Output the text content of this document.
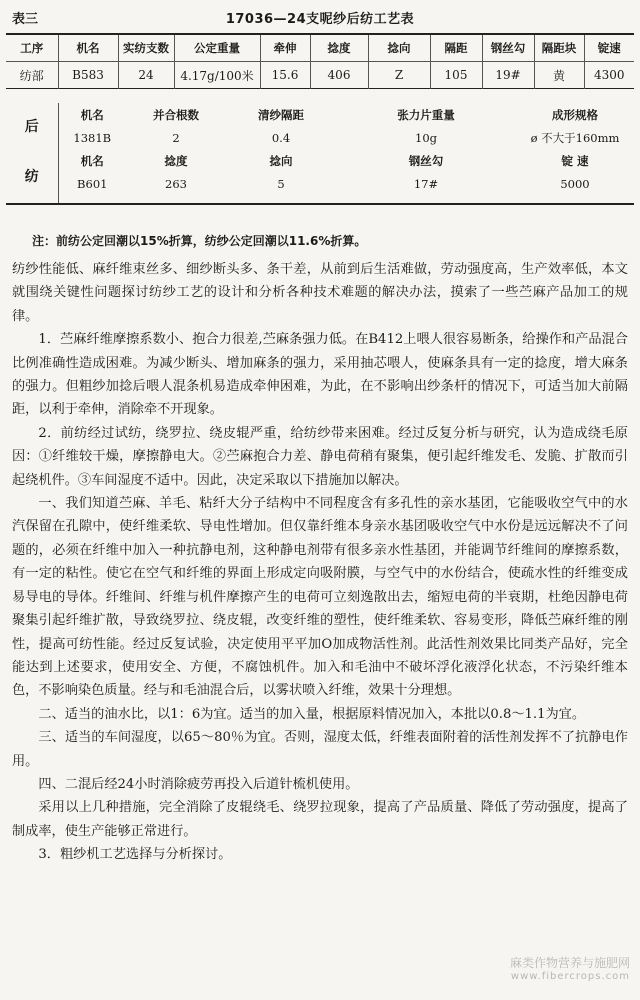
表三	17036—24支呢纱后纺工艺表
工序	机名	实纺支数	公定重量	牵伸	捻度	捻向	隔距	钢丝勾	隔距块	锭速
纺部	B583	24	4.17g/100米	15.6	406	Z	105	19#	黄	4300
后	机名	并合根数	清纱隔距	张力片重量	成形规格
	1381B	2	0.4	10g	ø 不大于160mm
纺	机名	捻度	捻向	钢丝勾	锭 速
	B601	263	5	17#	5000

注：前纺公定回潮以15%折算，纺纱公定回潮以11.6%折算。

纺纱性能低、麻纤维束丝多、细纱断头多、条干差，从前到后生活难做，劳动强度高，生产效率低，本文就围绕关键性问题探讨纺纱工艺的设计和分析各种技术难题的解决办法，摸索了一些苎麻产品加工的规律。

1．苎麻纤维摩擦系数小、抱合力很差,苎麻条强力低。在B412上喂人很容易断条，给操作和产品混合比例准确性造成困难。为减少断头、增加麻条的强力，采用抽芯喂人，使麻条具有一定的捻度，增大麻条的强力。但粗纱加捻后喂人混条机易造成牵伸困难，为此，在不影响出纱条杆的情况下，可适当加大前隔距，以利于牵伸，消除牵不开现象。

2．前纺经过试纺，绕罗拉、绕皮辊严重，给纺纱带来困难。经过反复分析与研究，认为造成绕毛原因：①纤维较干燥，摩擦静电大。②苎麻抱合力差、静电荷稍有聚集，便引起纤维发毛、发脆、扩散而引起绕机件。③车间湿度不适中。因此，决定采取以下措施加以解决。

一、我们知道苎麻、羊毛、粘纤大分子结构中不同程度含有多孔性的亲水基团，它能吸收空气中的水汽保留在孔隙中，使纤维柔软、导电性增加。但仅靠纤维本身亲水基团吸收空气中水份是远远解决不了问题的，必须在纤维中加入一种抗静电剂，这种静电剂带有很多亲水性基团，并能调节纤维间的摩擦系数，有一定的粘性。使它在空气和纤维的界面上形成定向吸附膜，与空气中的水份结合，使疏水性的纤维变成易导电的导体。纤维间、纤维与机件摩擦产生的电荷可立刻逸散出去，缩短电荷的半衰期，杜绝因静电荷聚集引起纤维扩散，导致绕罗拉、绕皮辊，改变纤维的塑性，使纤维柔软、容易变形，降低苎麻纤维的刚性，提高可纺性能。经过反复试验，决定使用平平加O加成物活性剂。此活性剂效果比同类产品好，完全能达到上述要求，使用安全、方便，不腐蚀机件。加入和毛油中不破坏浮化液浮化状态，不污染纤维本色，不影响染色质量。经与和毛油混合后，以雾状喷入纤维，效果十分理想。

二、适当的油水比，以1：6为宜。适当的加入量，根据原料情况加入，本批以0.8～1.1为宜。

三、适当的车间湿度，以65～80％为宜。否则，湿度太低，纤维表面附着的活性剂发挥不了抗静电作用。

四、二混后经24小时消除疲劳再投入后道针梳机使用。

采用以上几种措施，完全消除了皮辊绕毛、绕罗拉现象，提高了产品质量、降低了劳动强度，提高了制成率，使生产能够正常进行。

3．粗纱机工艺选择与分析探讨。

麻类作物营养与施肥网
www.fibercrops.com
